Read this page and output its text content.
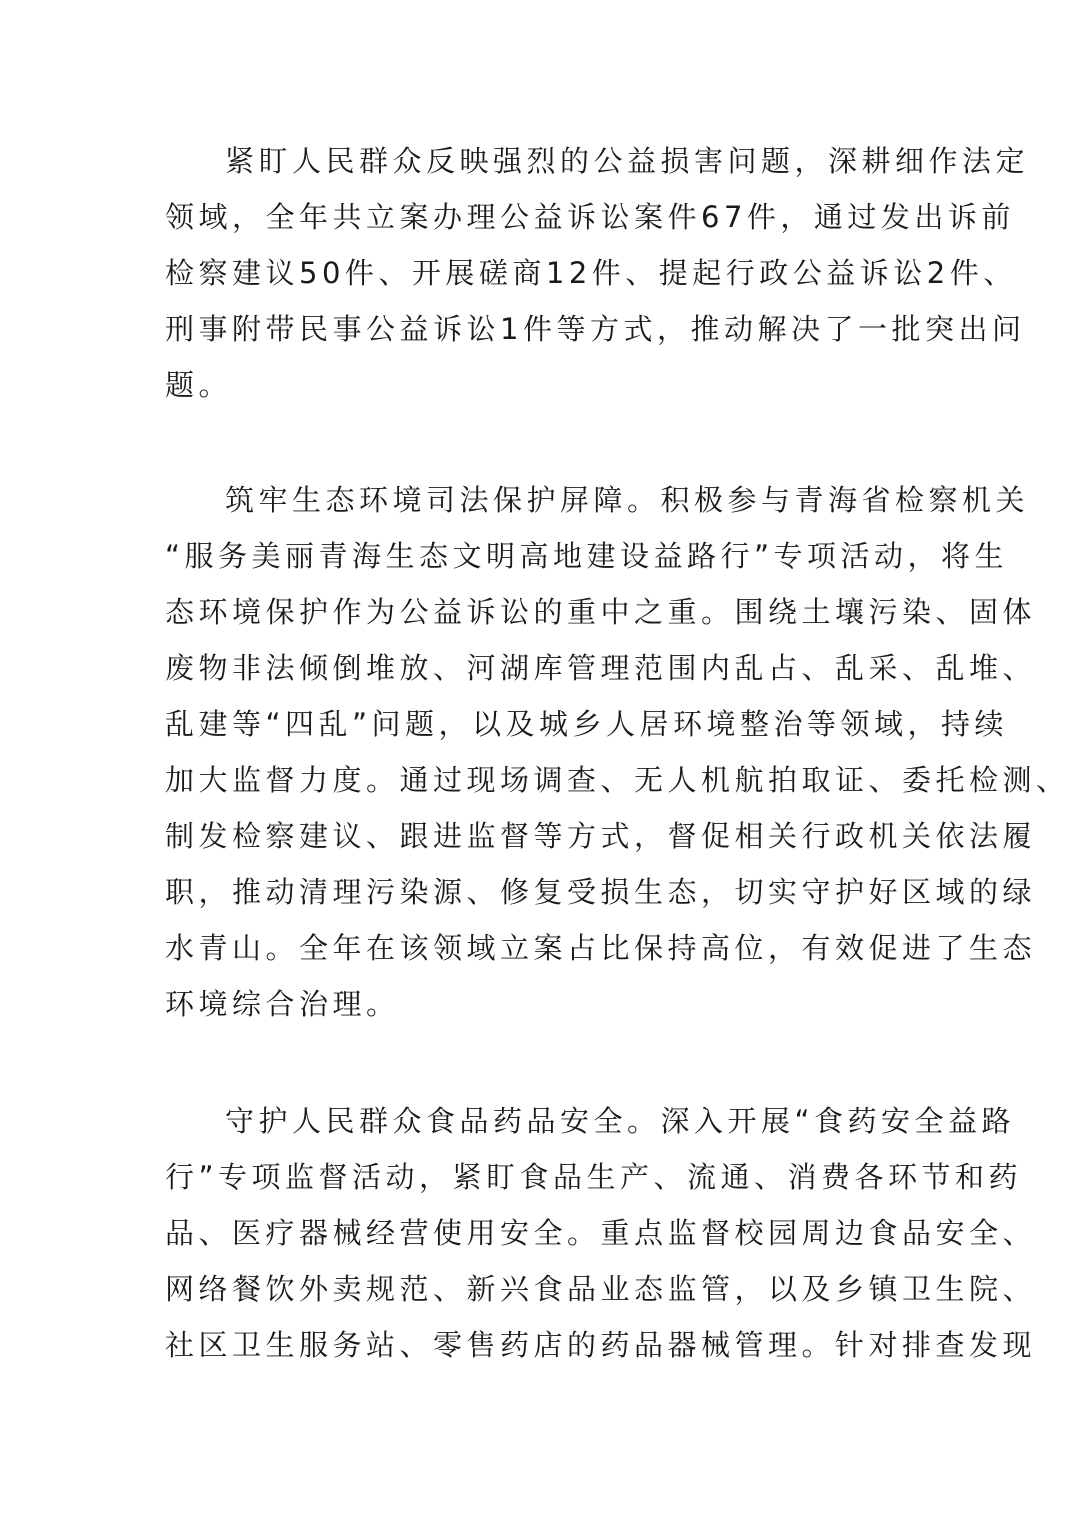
紧盯人民群众反映强烈的公益损害问题，深耕细作法定
领域，全年共立案办理公益诉讼案件67件，通过发出诉前
检察建议50件、开展磋商12件、提起行政公益诉讼2件、
刑事附带民事公益诉讼1件等方式，推动解决了一批突出问
题。
筑牢生态环境司法保护屏障。积极参与青海省检察机关
“服务美丽青海生态文明高地建设益路行”专项活动，将生
态环境保护作为公益诉讼的重中之重。围绕土壤污染、固体
废物非法倾倒堆放、河湖库管理范围内乱占、乱采、乱堆、
乱建等“四乱”问题，以及城乡人居环境整治等领域，持续
加大监督力度。通过现场调查、无人机航拍取证、委托检测、
制发检察建议、跟进监督等方式，督促相关行政机关依法履
职，推动清理污染源、修复受损生态，切实守护好区域的绿
水青山。全年在该领域立案占比保持高位，有效促进了生态
环境综合治理。
守护人民群众食品药品安全。深入开展“食药安全益路
行”专项监督活动，紧盯食品生产、流通、消费各环节和药
品、医疗器械经营使用安全。重点监督校园周边食品安全、
网络餐饮外卖规范、新兴食品业态监管，以及乡镇卫生院、
社区卫生服务站、零售药店的药品器械管理。针对排查发现
